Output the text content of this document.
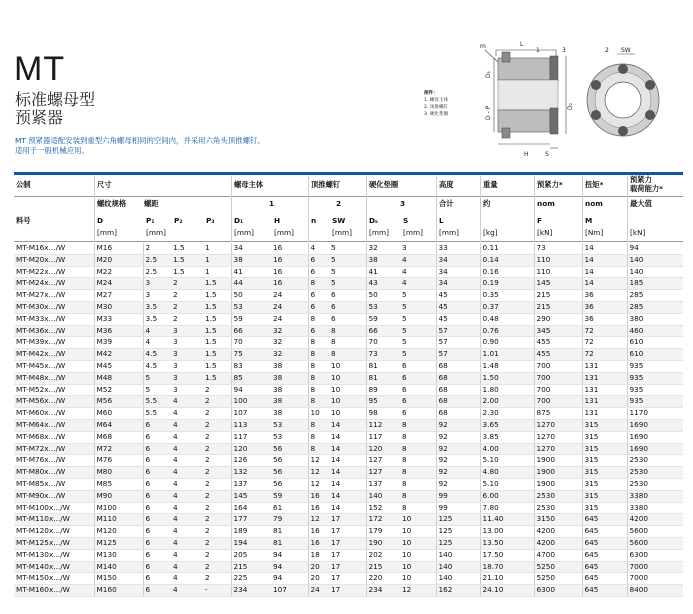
MT
标准螺母型
预紧器
MT 预紧器适配安装到重型六角螺母相同的空间内，并采用六角头顶推螺钉。
适用于一般机械应用。
m	L
1	3
H	S
D₁
D - P	D₂
2 SW
部件：
1. 螺母主体
2. 顶推螺钉
3. 硬化垫圈
公制	尺寸	螺母主体	顶推螺钉	硬化垫圈	高度	重量	预紧力*	扭矩*
预紧力
载荷能力*
螺纹规格 螺距	1	2	3	合计	约	nom	nom	最大值
料号	D	P₁	P₂	P₃	D₁	H	n SW	Dₛ	S	L	F	M
[mm]	[mm]	[mm]	[mm]	[mm] [mm] [mm] [mm]	[kg]	[kN]	[Nm]	[kN]
MT-M16x.../W	M16	2	1.5	1	34	16	4	5	32	3	33	0.11	73	14	94
MT-M20x.../W	M20	2.5	1.5	1	38	16	6	5	38	4	34	0.14	110	14	140
MT-M22x.../W	M22	2.5	1.5	1	41	16	6	5	41	4	34	0.16	110	14	140
MT-M24x.../W	M24	3	2	1.5	44	16	8	5	43	4	34	0.19	145	14	185
MT-M27x.../W	M27	3	2	1.5	50	24	6	6	50	5	45	0.35	215	36	285
MT-M30x.../W	M30	3.5	2	1.5	53	24	6	6	53	5	45	0.37	215	36	285
MT-M33x.../W	M33	3.5	2	1.5	59	24	8	6	59	5	45	0.48	290	36	380
MT-M36x.../W	M36	4	3	1.5	66	32	6	8	66	5	57	0.76	345	72	460
MT-M39x.../W	M39	4	3	1.5	70	32	8	8	70	5	57	0.90	455	72	610
MT-M42x.../W	M42	4.5	3	1.5	75	32	8	8	73	5	57	1.01	455	72	610
MT-M45x.../W	M45	4.5	3	1.5	83	38	8	10	81	6	68	1.48	700	131	935
MT-M48x.../W	M48	5	3	1.5	85	38	8	10	81	6	68	1.50	700	131	935
MT-M52x.../W	M52	5	3	2	94	38	8	10	89	6	68	1.80	700	131	935
MT-M56x.../W	M56	5.5	4	2	100	38	8	10	95	6	68	2.00	700	131	935
MT-M60x.../W	M60	5.5	4	2	107	38	10	10	98	6	68	2.30	875	131	1170
MT-M64x.../W	M64	6	4	2	113	53	8	14	112	8	92	3.65	1270	315	1690
MT-M68x.../W	M68	6	4	2	117	53	8	14	117	8	92	3.85	1270	315	1690
MT-M72x.../W	M72	6	4	2	120	56	8	14	120	8	92	4.00	1270	315	1690
MT-M76x.../W	M76	6	4	2	126	56	12	14	127	8	92	5.10	1900	315	2530
MT-M80x.../W	M80	6	4	2	132	56	12	14	127	8	92	4.80	1900	315	2530
MT-M85x.../W	M85	6	4	2	137	56	12	14	137	8	92	5.10	1900	315	2530
MT-M90x.../W	M90	6	4	2	145	59	16	14	140	8	99	6.00	2530	315	3380
MT-M100x.../W	M100	6	4	2	164	61	16	14	152	8	99	7.80	2530	315	3380
MT-M110x.../W	M110	6	4	2	177	79	12	17	172	10	125	11.40	3150	645	4200
MT-M120x.../W	M120	6	4	2	189	81	16	17	179	10	125	13.00	4200	645	5600
MT-M125x.../W	M125	6	4	2	194	81	16	17	190	10	125	13.50	4200	645	5600
MT-M130x.../W	M130	6	4	2	205	94	18	17	202	10	140	17.50	4700	645	6300
MT-M140x.../W	M140	6	4	2	215	94	20	17	215	10	140	18.70	5250	645	7000
MT-M150x.../W	M150	6	4	2	225	94	20	17	220	10	140	21.10	5250	645	7000
MT-M160x.../W	M160	6	4	-	234	107	24	17	234	12	162	24.10	6300	645	8400
